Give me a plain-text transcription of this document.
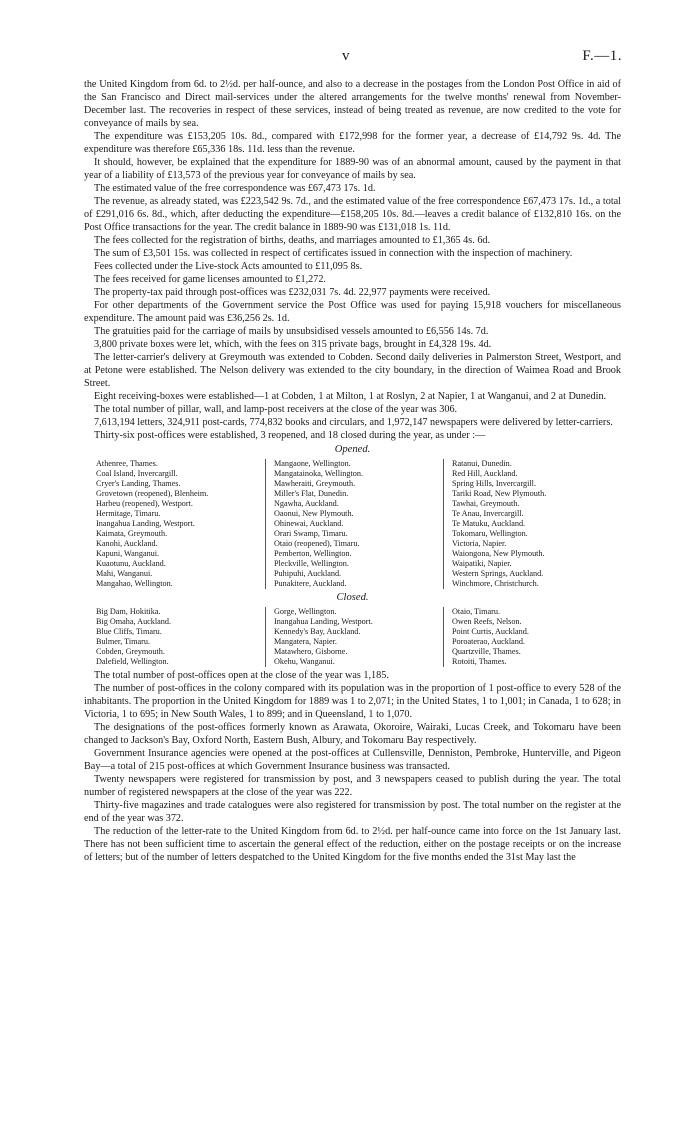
v	F.—1.

the United Kingdom from 6d. to 2½d. per half-ounce, and also to a decrease in the postages from the London Post Office in aid of the San Francisco and Direct mail-services under the altered arrangements for the twelve months' renewal from November-December last. The recoveries in respect of these services, instead of being treated as revenue, are now credited to the vote for conveyance of mails by sea.

The expenditure was £153,205 10s. 8d., compared with £172,998 for the former year, a decrease of £14,792 9s. 4d. The expenditure was therefore £65,336 18s. 11d. less than the revenue.

It should, however, be explained that the expenditure for 1889-90 was of an abnormal amount, caused by the payment in that year of a liability of £13,573 of the previous year for conveyance of mails by sea.

The estimated value of the free correspondence was £67,473 17s. 1d.

The revenue, as already stated, was £223,542 9s. 7d., and the estimated value of the free correspondence £67,473 17s. 1d., a total of £291,016 6s. 8d., which, after deducting the expenditure—£158,205 10s. 8d.—leaves a credit balance of £132,810 16s. on the Post Office transactions for the year. The credit balance in 1889-90 was £131,018 1s. 11d.

The fees collected for the registration of births, deaths, and marriages amounted to £1,365 4s. 6d.

The sum of £3,501 15s. was collected in respect of certificates issued in connection with the inspection of machinery.

Fees collected under the Live-stock Acts amounted to £11,095 8s.

The fees received for game licenses amounted to £1,272.

The property-tax paid through post-offices was £232,031 7s. 4d. 22,977 payments were received.

For other departments of the Government service the Post Office was used for paying 15,918 vouchers for miscellaneous expenditure. The amount paid was £36,256 2s. 1d.

The gratuities paid for the carriage of mails by unsubsidised vessels amounted to £6,556 14s. 7d.

3,800 private boxes were let, which, with the fees on 315 private bags, brought in £4,328 19s. 4d.

The letter-carrier's delivery at Greymouth was extended to Cobden. Second daily deliveries in Palmerston Street, Westport, and at Petone were established. The Nelson delivery was extended to the city boundary, in the direction of Waimea Road and Brook Street.

Eight receiving-boxes were established—1 at Cobden, 1 at Milton, 1 at Roslyn, 2 at Napier, 1 at Wanganui, and 2 at Dunedin.

The total number of pillar, wall, and lamp-post receivers at the close of the year was 306.

7,613,194 letters, 324,911 post-cards, 774,832 books and circulars, and 1,972,147 newspapers were delivered by letter-carriers.

Thirty-six post-offices were established, 3 reopened, and 18 closed during the year, as under :—

Opened.
Athenree, Thames.
Coal Island, Invercargill.
Cryer's Landing, Thames.
Grovetown (reopened), Blenheim.
Harbeu (reopened), Westport.
Hermitage, Timaru.
Inangahua Landing, Westport.
Kaimata, Greymouth.
Kanohi, Auckland.
Kapuni, Wanganui.
Kuaotunu, Auckland.
Mahi, Wanganui.
Mangahao, Wellington.
Mangaone, Wellington.
Mangatainoka, Wellington.
Mawheraiti, Greymouth.
Miller's Flat, Dunedin.
Ngawha, Auckland.
Oaonui, New Plymouth.
Ohinewai, Auckland.
Orari Swamp, Timaru.
Otaio (reopened), Timaru.
Pemberton, Wellington.
Pleckville, Wellington.
Puhipuhi, Auckland.
Punakitere, Auckland.
Ratanui, Dunedin.
Red Hill, Auckland.
Spring Hills, Invercargill.
Tariki Road, New Plymouth.
Tawhai, Greymouth.
Te Anau, Invercargill.
Te Matuku, Auckland.
Tokomaru, Wellington.
Victoria, Napier.
Waiongona, New Plymouth.
Waipatiki, Napier.
Western Springs, Auckland.
Winchmore, Christchurch.
Closed.
Big Dam, Hokitika.
Big Omaha, Auckland.
Blue Cliffs, Timaru.
Bulmer, Timaru.
Cobden, Greymouth.
Dalefield, Wellington.
Gorge, Wellington.
Inangahua Landing, Westport.
Kennedy's Bay, Auckland.
Mangatera, Napier.
Matawhero, Gisborne.
Okehu, Wanganui.
Otaio, Timaru.
Owen Reefs, Nelson.
Point Curtis, Auckland.
Poroaterao, Auckland.
Quartzville, Thames.
Rotoiti, Thames.

The total number of post-offices open at the close of the year was 1,185.

The number of post-offices in the colony compared with its population was in the proportion of 1 post-office to every 528 of the inhabitants. The proportion in the United Kingdom for 1889 was 1 to 2,071; in the United States, 1 to 1,001; in Canada, 1 to 628; in Victoria, 1 to 695; in New South Wales, 1 to 899; and in Queensland, 1 to 1,070.

The designations of the post-offices formerly known as Arawata, Okoroire, Wairaki, Lucas Creek, and Tokomaru have been changed to Jackson's Bay, Oxford North, Eastern Bush, Albury, and Tokomaru Bay respectively.

Government Insurance agencies were opened at the post-offices at Cullensville, Denniston, Pembroke, Hunterville, and Pigeon Bay—a total of 215 post-offices at which Government Insurance business was transacted.

Twenty newspapers were registered for transmission by post, and 3 newspapers ceased to publish during the year. The total number of registered newspapers at the close of the year was 222.

Thirty-five magazines and trade catalogues were also registered for transmission by post. The total number on the register at the end of the year was 372.

The reduction of the letter-rate to the United Kingdom from 6d. to 2½d. per half-ounce came into force on the 1st January last. There has not been sufficient time to ascertain the general effect of the reduction, either on the postage receipts or on the increase of letters; but of the number of letters despatched to the United Kingdom for the five months ended the 31st May last the
